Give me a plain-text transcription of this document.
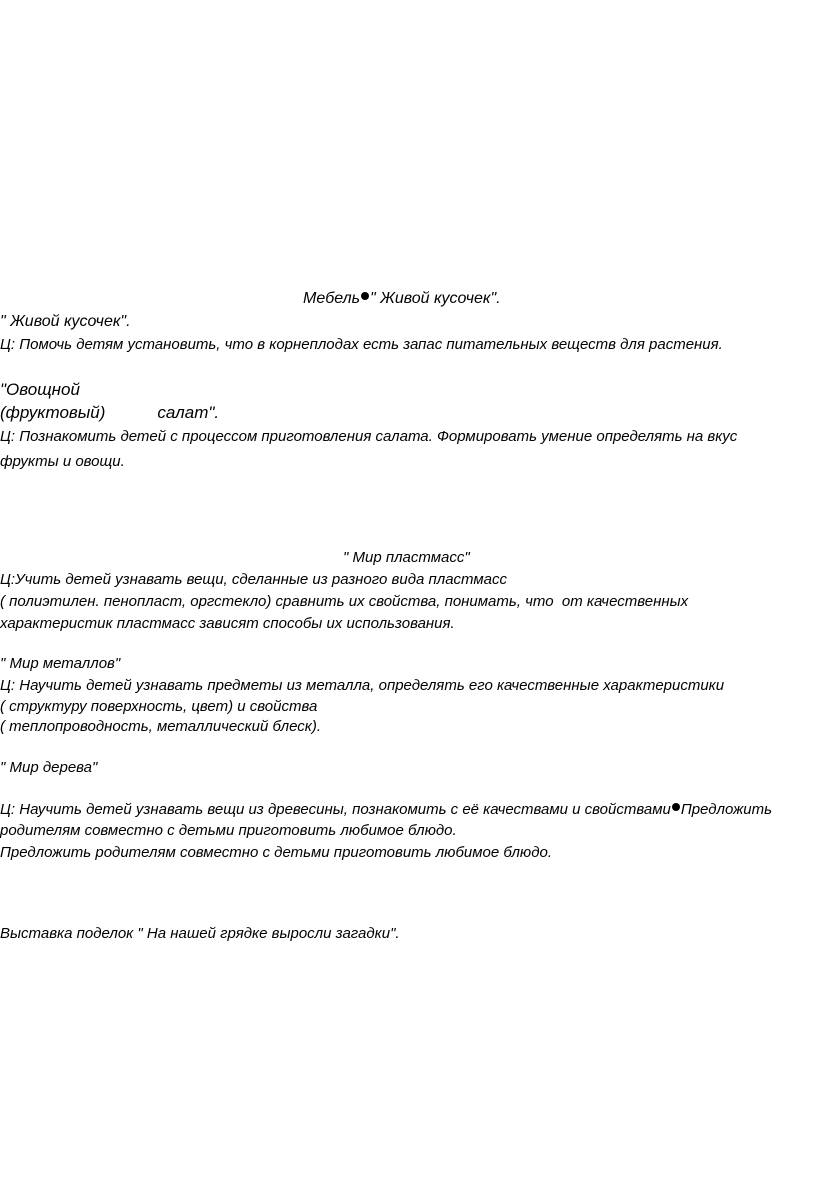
Мебель " Живой кусочек".

" Живой кусочек".

Ц: Помочь детям установить, что в корнеплодах есть запас питательных веществ для растения.

"Овощной

(фруктовый)	салат".

Ц: Познакомить детей с процессом приготовления салата. Формировать умение определять на вкус

фрукты и овощи.

" Мир пластмасс"

Ц:Учить детей узнавать вещи, сделанные из разного вида пластмасс

( полиэтилен. пенопласт, оргстекло) сравнить их свойства, понимать, что  от качественных

характеристик пластмасс зависят способы их использования.

" Мир металлов"

Ц: Научить детей узнавать предметы из металла, определять его качественные характеристики

( структуру поверхность, цвет) и свойства

( теплопроводность, металлический блеск).

" Мир дерева"

Ц: Научить детей узнавать вещи из древесины, познакомить с её качествами и свойствами Предложить

родителям совместно с детьми приготовить любимое блюдо.

Предложить родителям совместно с детьми приготовить любимое блюдо.

Выставка поделок " На нашей грядке выросли загадки".
